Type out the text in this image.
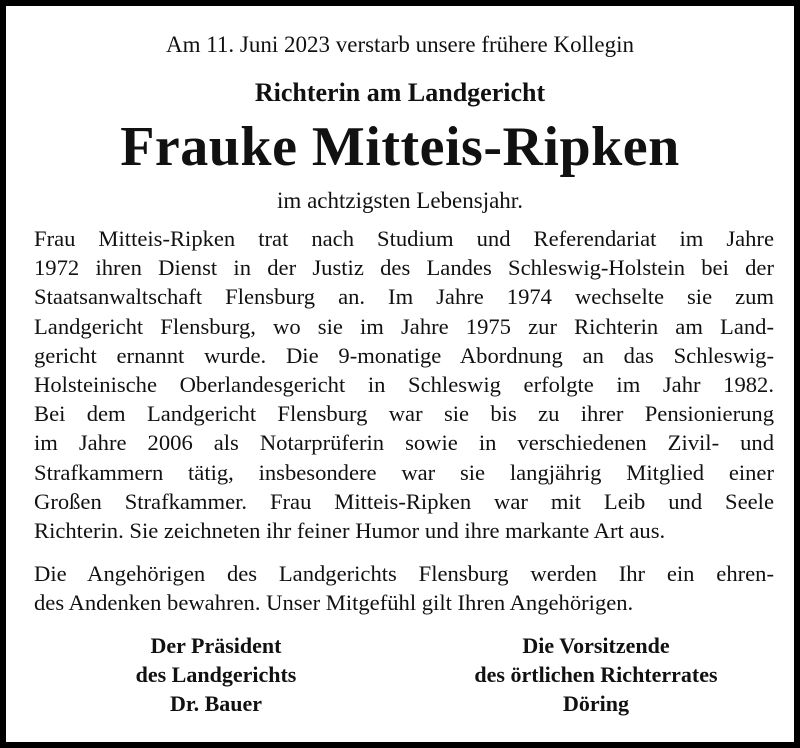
Am 11. Juni 2023 verstarb unsere frühere Kollegin
Richterin am Landgericht
Frauke Mitteis-Ripken
im achtzigsten Lebensjahr.
Frau Mitteis-Ripken trat nach Studium und Referendariat im Jahre
1972 ihren Dienst in der Justiz des Landes Schleswig-Holstein bei der
Staatsanwaltschaft Flensburg an. Im Jahre 1974 wechselte sie zum
Landgericht Flensburg, wo sie im Jahre 1975 zur Richterin am Land-
gericht ernannt wurde. Die 9-monatige Abordnung an das Schleswig-
Holsteinische Oberlandesgericht in Schleswig erfolgte im Jahr 1982.
Bei dem Landgericht Flensburg war sie bis zu ihrer Pensionierung
im Jahre 2006 als Notarprüferin sowie in verschiedenen Zivil- und
Strafkammern tätig, insbesondere war sie langjährig Mitglied einer
Großen Strafkammer. Frau Mitteis-Ripken war mit Leib und Seele
Richterin. Sie zeichneten ihr feiner Humor und ihre markante Art aus.
Die Angehörigen des Landgerichts Flensburg werden Ihr ein ehren-
des Andenken bewahren. Unser Mitgefühl gilt Ihren Angehörigen.
Der Präsident
des Landgerichts
Dr. Bauer
Die Vorsitzende
des örtlichen Richterrates
Döring
